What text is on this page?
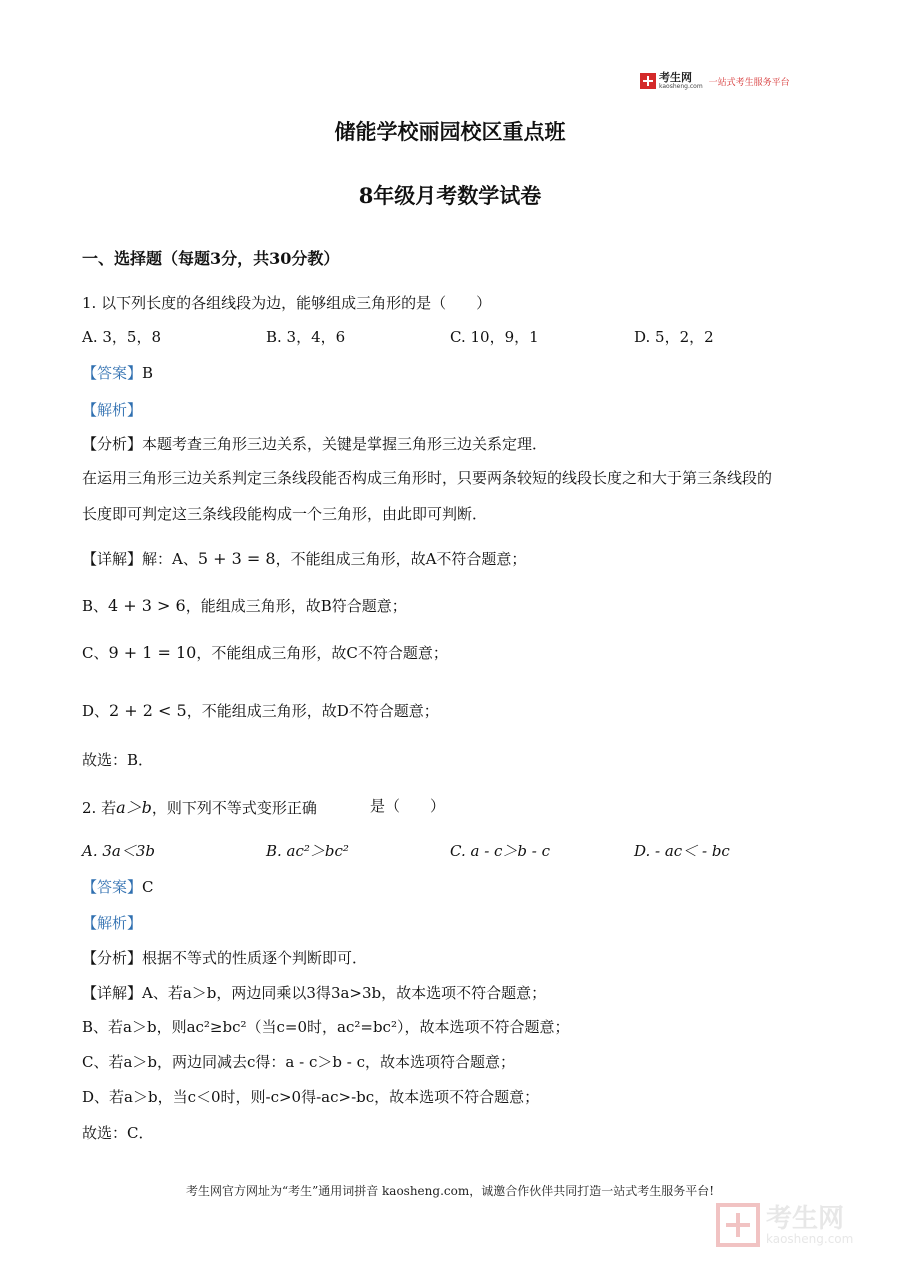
考生网
kaosheng.com 一站式考生服务平台
储能学校丽园校区重点班
8年级月考数学试卷
一、选择题（每题3分，共30分教）
1. 以下列长度的各组线段为边，能够组成三角形的是（　　）
A. 3，5，8	B. 3，4，6	C. 10，9，1	D. 5，2，2
【答案】B
【解析】
【分析】本题考查三角形三边关系，关键是掌握三角形三边关系定理．
在运用三角形三边关系判定三条线段能否构成三角形时，只要两条较短的线段长度之和大于第三条线段的
长度即可判定这三条线段能构成一个三角形，由此即可判断．
【详解】解：A、5 + 3 = 8，不能组成三角形，故A不符合题意；
B、4 + 3 > 6，能组成三角形，故B符合题意；
C、9 + 1 = 10，不能组成三角形，故C不符合题意；
D、2 + 2 < 5，不能组成三角形，故D不符合题意；
故选：B．
2. 若a＞b，则下列不等式变形正确	是（　　）
A. 3a＜3b	B. ac²＞bc²	C. a - c＞b - c	D. - ac＜ - bc
【答案】C
【解析】
【分析】根据不等式的性质逐个判断即可．
【详解】A、若a＞b，两边同乘以3得3a>3b，故本选项不符合题意；
B、若a＞b，则ac²≥bc²（当c=0时，ac²=bc²），故本选项不符合题意；
C、若a＞b，两边同减去c得：a - c＞b - c，故本选项符合题意；
D、若a＞b，当c＜0时，则-c>0得-ac>-bc，故本选项不符合题意；
故选：C．
考生网官方网址为“考生”通用词拼音 kaosheng.com，诚邀合作伙伴共同打造一站式考生服务平台!
考生网
kaosheng.com
